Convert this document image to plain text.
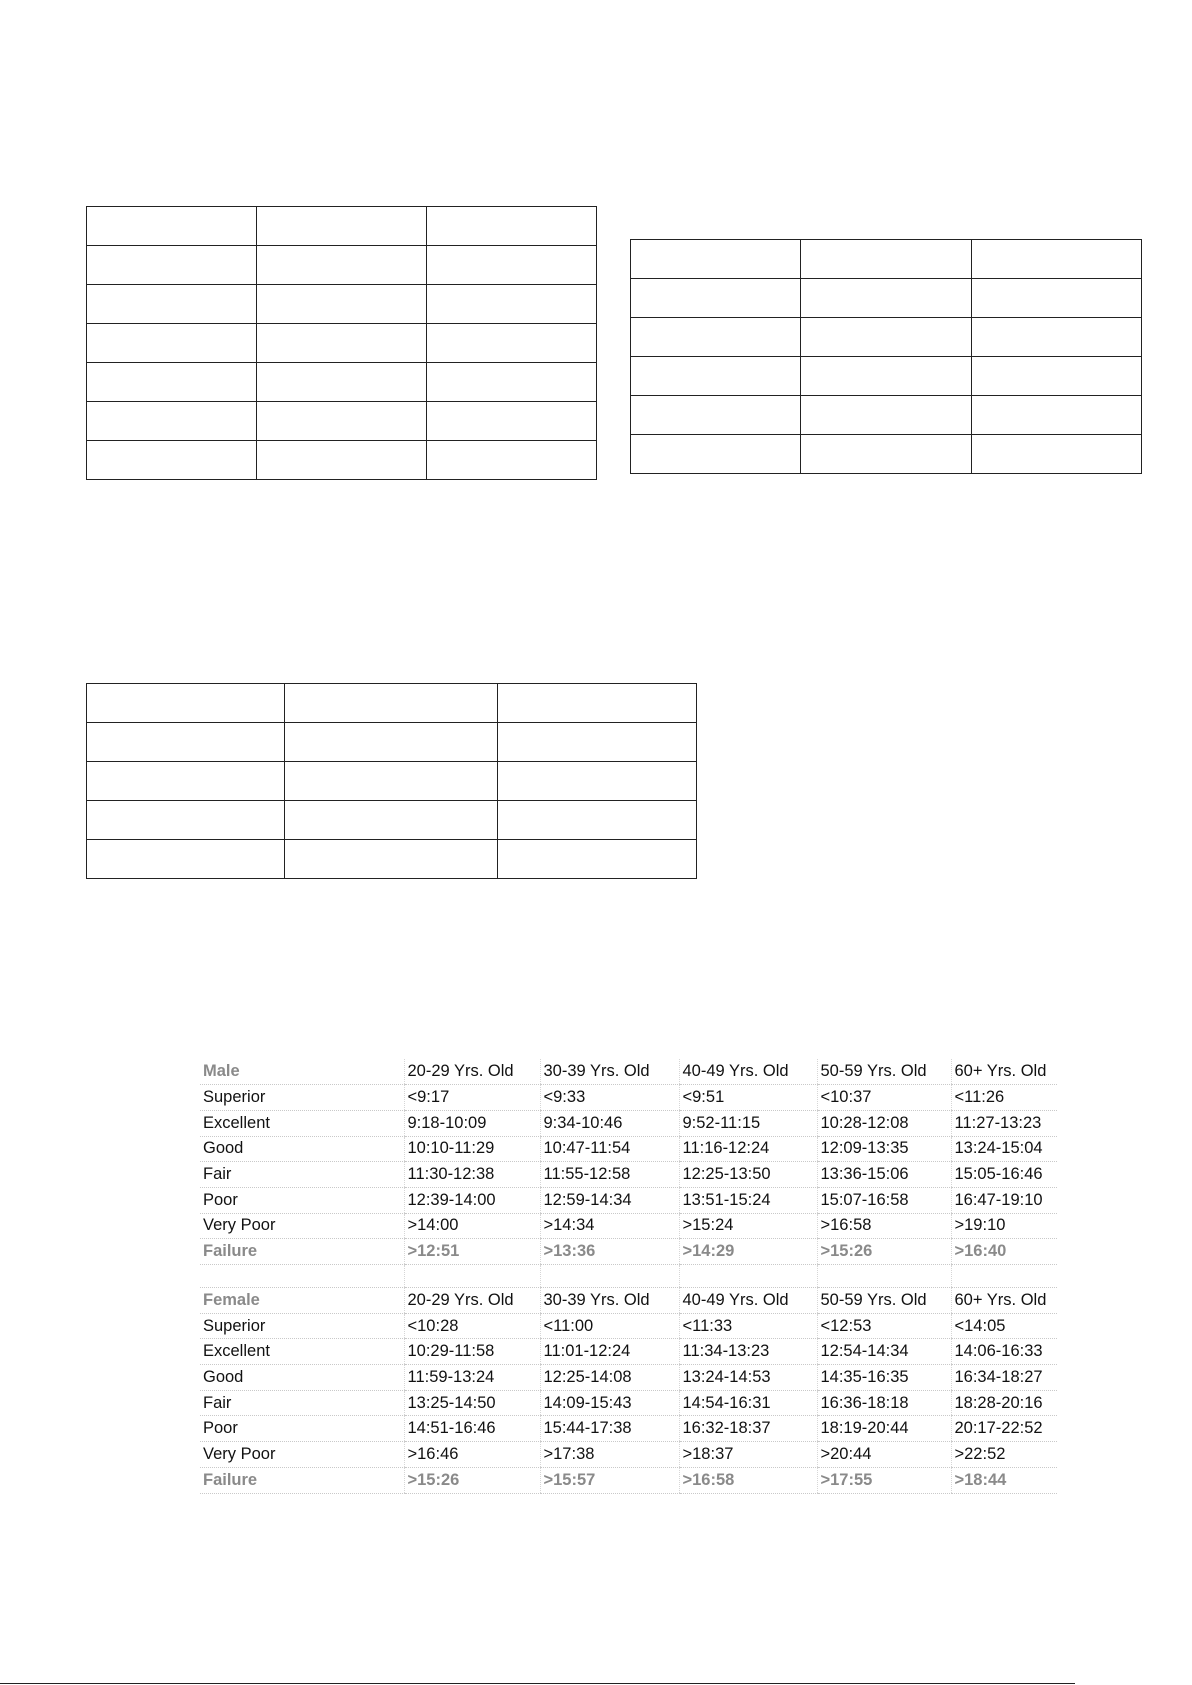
Male	20-29 Yrs. Old	30-39 Yrs. Old	40-49 Yrs. Old	50-59 Yrs. Old	60+ Yrs. Old
Superior	<9:17	<9:33	<9:51	<10:37	<11:26
Excellent	9:18-10:09	9:34-10:46	9:52-11:15	10:28-12:08	11:27-13:23
Good	10:10-11:29	10:47-11:54	11:16-12:24	12:09-13:35	13:24-15:04
Fair	11:30-12:38	11:55-12:58	12:25-13:50	13:36-15:06	15:05-16:46
Poor	12:39-14:00	12:59-14:34	13:51-15:24	15:07-16:58	16:47-19:10
Very Poor	>14:00	>14:34	>15:24	>16:58	>19:10
Failure	>12:51	>13:36	>14:29	>15:26	>16:40

Female	20-29 Yrs. Old	30-39 Yrs. Old	40-49 Yrs. Old	50-59 Yrs. Old	60+ Yrs. Old
Superior	<10:28	<11:00	<11:33	<12:53	<14:05
Excellent	10:29-11:58	11:01-12:24	11:34-13:23	12:54-14:34	14:06-16:33
Good	11:59-13:24	12:25-14:08	13:24-14:53	14:35-16:35	16:34-18:27
Fair	13:25-14:50	14:09-15:43	14:54-16:31	16:36-18:18	18:28-20:16
Poor	14:51-16:46	15:44-17:38	16:32-18:37	18:19-20:44	20:17-22:52
Very Poor	>16:46	>17:38	>18:37	>20:44	>22:52
Failure	>15:26	>15:57	>16:58	>17:55	>18:44
